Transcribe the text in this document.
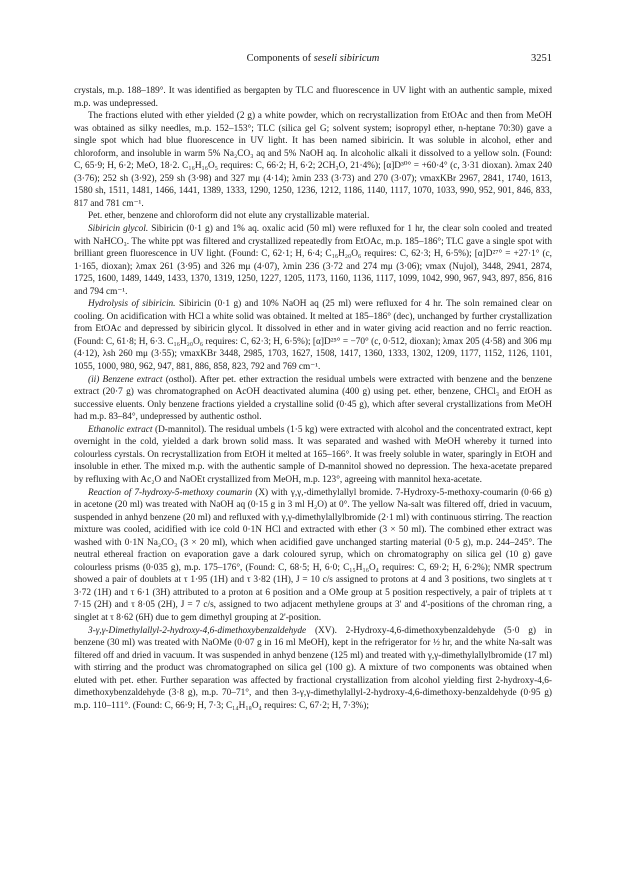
Components of seseli sibiricum	3251

crystals, m.p. 188–189°. It was identified as bergapten by TLC and fluorescence in UV light with an authentic sample, mixed m.p. was undepressed.

The fractions eluted with ether yielded (2 g) a white powder, which on recrystallization from EtOAc and then from MeOH was obtained as silky needles, m.p. 152–153°; TLC (silica gel G; solvent system; isopropyl ether, n-heptane 70:30) gave a single spot which had blue fluorescence in UV light. It has been named sibiricin. It was soluble in alcohol, ether and chloroform, and insoluble in warm 5% Na₂CO₃ aq and 5% NaOH aq. In alcoholic alkali it dissolved to a yellow soln. (Found: C, 65·9; H, 6·2; MeO, 18·2. C₁₆H₁₆O₅ requires: C, 66·2; H, 6·2; 2CH₃O, 21·4%); [α]D³⁰° = +60·4° (c, 3·31 dioxan). λmax 240 (3·76); 252 sh (3·92), 259 sh (3·98) and 327 mμ (4·14); λmin 233 (3·73) and 270 (3·07); νmaxKBr 2967, 2841, 1740, 1613, 1580 sh, 1511, 1481, 1466, 1441, 1389, 1333, 1290, 1250, 1236, 1212, 1186, 1140, 1117, 1070, 1033, 990, 952, 901, 846, 833, 817 and 781 cm⁻¹.

Pet. ether, benzene and chloroform did not elute any crystallizable material.

Sibiricin glycol. Sibiricin (0·1 g) and 1% aq. oxalic acid (50 ml) were refluxed for 1 hr, the clear soln cooled and treated with NaHCO₃. The white ppt was filtered and crystallized repeatedly from EtOAc, m.p. 185–186°; TLC gave a single spot with brilliant green fluorescence in UV light. (Found: C, 62·1; H, 6·4; C₁₆H₂₀O₆ requires: C, 62·3; H, 6·5%); [α]D²⁷° = +27·1° (c, 1·165, dioxan); λmax 261 (3·95) and 326 mμ (4·07), λmin 236 (3·72 and 274 mμ (3·06); νmax (Nujol), 3448, 2941, 2874, 1725, 1600, 1489, 1449, 1433, 1370, 1319, 1250, 1227, 1205, 1173, 1160, 1136, 1117, 1099, 1042, 990, 967, 943, 897, 856, 816 and 794 cm⁻¹.

Hydrolysis of sibiricin. Sibiricin (0·1 g) and 10% NaOH aq (25 ml) were refluxed for 4 hr. The soln remained clear on cooling. On acidification with HCl a white solid was obtained. It melted at 185–186° (dec), unchanged by further crystallization from EtOAc and depressed by sibiricin glycol. It dissolved in ether and in water giving acid reaction and no ferric reaction. (Found: C, 61·8; H, 6·3. C₁₆H₂₀O₆ requires: C, 62·3; H, 6·5%); [α]D²⁵° = −70° (c, 0·512, dioxan); λmax 205 (4·58) and 306 mμ (4·12), λsh 260 mμ (3·55); νmaxKBr 3448, 2985, 1703, 1627, 1508, 1417, 1360, 1333, 1302, 1209, 1177, 1152, 1126, 1101, 1055, 1000, 980, 962, 947, 881, 886, 858, 823, 792 and 769 cm⁻¹.

(ii) Benzene extract (osthol). After pet. ether extraction the residual umbels were extracted with benzene and the benzene extract (20·7 g) was chromatographed on AcOH deactivated alumina (400 g) using pet. ether, benzene, CHCl₃ and EtOH as successive eluents. Only benzene fractions yielded a crystalline solid (0·45 g), which after several crystallizations from MeOH had m.p. 83–84°, undepressed by authentic osthol.

Ethanolic extract (D-mannitol). The residual umbels (1·5 kg) were extracted with alcohol and the concentrated extract, kept overnight in the cold, yielded a dark brown solid mass. It was separated and washed with MeOH whereby it turned into colourless cyrstals. On recrystallization from EtOH it melted at 165–166°. It was freely soluble in water, sparingly in EtOH and insoluble in ether. The mixed m.p. with the authentic sample of D-mannitol showed no depression. The hexa-acetate prepared by refluxing with Ac₂O and NaOEt crystallized from MeOH, m.p. 123°, agreeing with mannitol hexa-acetate.

Reaction of 7-hydroxy-5-methoxy coumarin (X) with γ,γ,-dimethylallyl bromide. 7-Hydroxy-5-methoxy-coumarin (0·66 g) in acetone (20 ml) was treated with NaOH aq (0·15 g in 3 ml H₂O) at 0°. The yellow Na-salt was filtered off, dried in vacuum, suspended in anhyd benzene (20 ml) and refluxed with γ,γ-dimethylallylbromide (2·1 ml) with continuous stirring. The reaction mixture was cooled, acidified with ice cold 0·1N HCl and extracted with ether (3 × 50 ml). The combined ether extract was washed with 0·1N Na₂CO₃ (3 × 20 ml), which when acidified gave unchanged starting material (0·5 g), m.p. 244–245°. The neutral ethereal fraction on evaporation gave a dark coloured syrup, which on chromatography on silica gel (10 g) gave colourless prisms (0·035 g), m.p. 175–176°, (Found: C, 68·5; H, 6·0; C₁₅H₁₆O₄ requires: C, 69·2; H, 6·2%); NMR spectrum showed a pair of doublets at τ 1·95 (1H) and τ 3·82 (1H), J = 10 c/s assigned to protons at 4 and 3 positions, two singlets at τ 3·72 (1H) and τ 6·1 (3H) attributed to a proton at 6 position and a OMe group at 5 position respectively, a pair of triplets at τ 7·15 (2H) and τ 8·05 (2H), J = 7 c/s, assigned to two adjacent methylene groups at 3' and 4'-positions of the chroman ring, a singlet at τ 8·62 (6H) due to gem dimethyl grouping at 2'-position.

3-γ,γ-Dimethylallyl-2-hydroxy-4,6-dimethoxybenzaldehyde (XV). 2-Hydroxy-4,6-dimethoxybenzaldehyde (5·0 g) in benzene (30 ml) was treated with NaOMe (0·07 g in 16 ml MeOH), kept in the refrigerator for ½ hr, and the white Na-salt was filtered off and dried in vacuum. It was suspended in anhyd benzene (125 ml) and treated with γ,γ-dimethylallylbromide (17 ml) with stirring and the product was chromatographed on silica gel (100 g). A mixture of two components was obtained when eluted with pet. ether. Further separation was affected by fractional crystallization from alcohol yielding first 2-hydroxy-4,6-dimethoxybenzaldehyde (3·8 g), m.p. 70–71°, and then 3-γ,γ-dimethylallyl-2-hydroxy-4,6-dimethoxy-benzaldehyde (0·95 g) m.p. 110–111°. (Found: C, 66·9; H, 7·3; C₁₄H₁₈O₄ requires: C, 67·2; H, 7·3%);
